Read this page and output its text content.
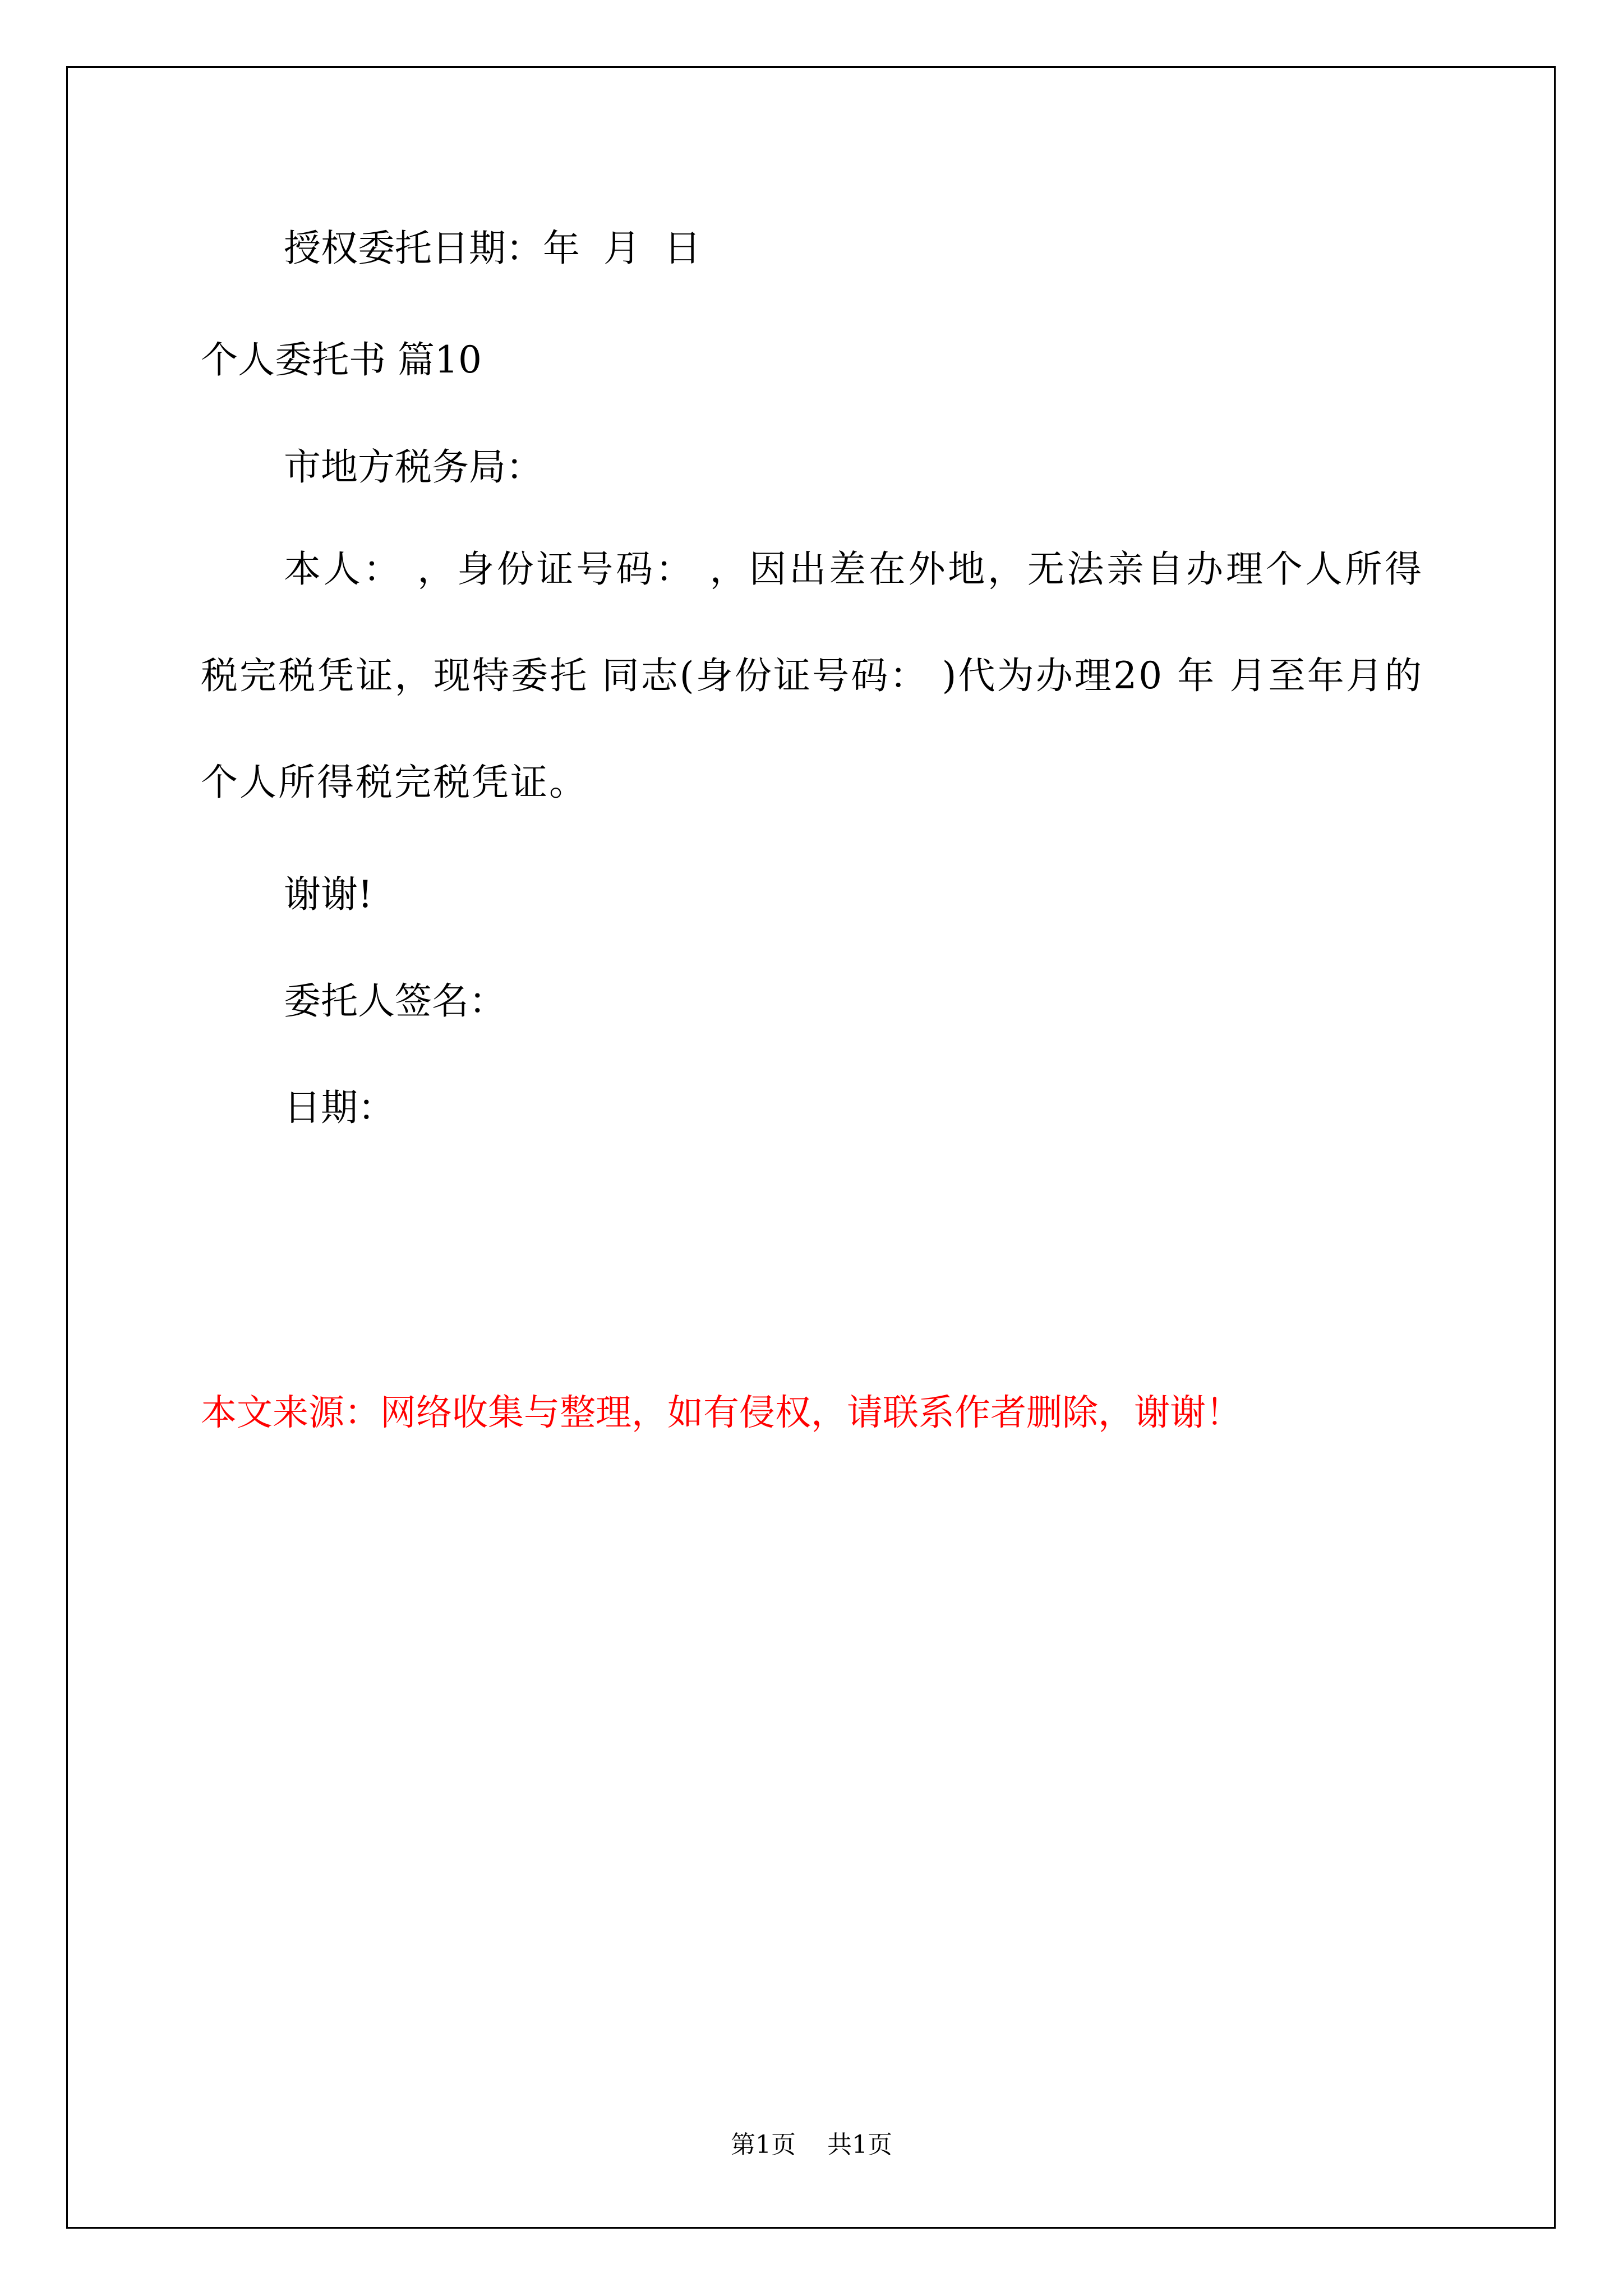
授权委托日期：年  月  日
个人委托书 篇10
市地方税务局：
本人： ，身份证号码： ，因出差在外地，无法亲自办理个人所得税完税凭证，现特委托 同志(身份证号码： )代为办理20 年 月至年月的个人所得税完税凭证。
谢谢!
委托人签名：
日期：
本文来源：网络收集与整理，如有侵权，请联系作者删除，谢谢！
第1页    共1页
